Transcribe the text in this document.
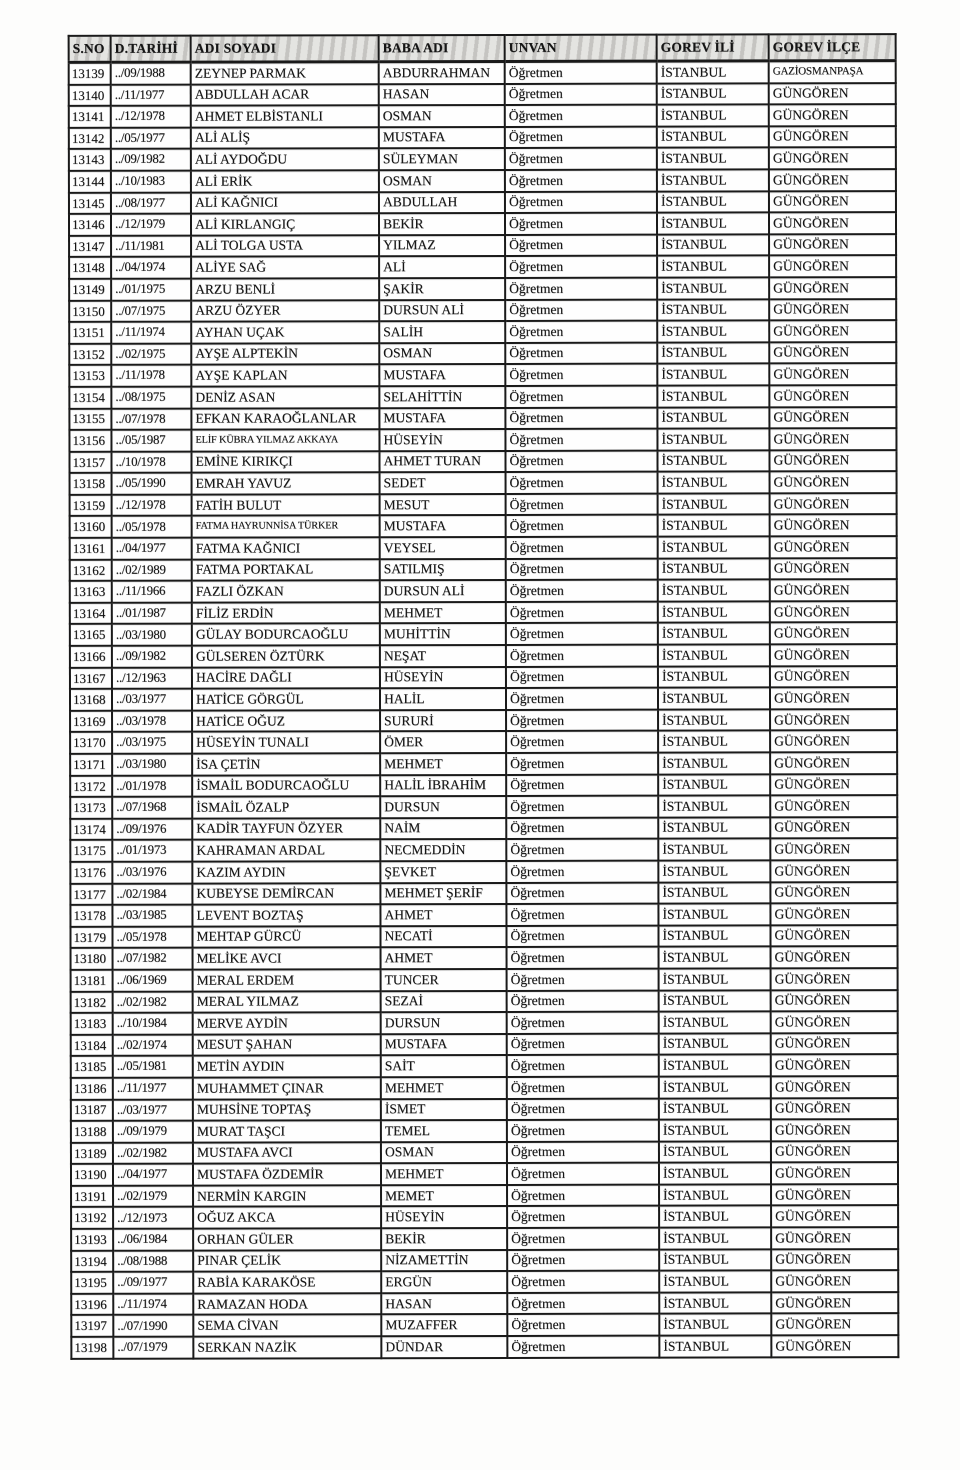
S.NO	D.TARİHİ	ADI SOYADI	BABA ADI	UNVAN	GOREV İLİ	GOREV İLÇE
13139	../09/1988	ZEYNEP PARMAK	ABDURRAHMAN	Öğretmen	İSTANBUL	GAZİOSMANPAŞA
13140	../11/1977	ABDULLAH ACAR	HASAN	Öğretmen	İSTANBUL	GÜNGÖREN
13141	../12/1978	AHMET ELBİSTANLI	OSMAN	Öğretmen	İSTANBUL	GÜNGÖREN
13142	../05/1977	ALİ ALİŞ	MUSTAFA	Öğretmen	İSTANBUL	GÜNGÖREN
13143	../09/1982	ALİ AYDOĞDU	SÜLEYMAN	Öğretmen	İSTANBUL	GÜNGÖREN
13144	../10/1983	ALİ ERİK	OSMAN	Öğretmen	İSTANBUL	GÜNGÖREN
13145	../08/1977	ALİ KAĞNICI	ABDULLAH	Öğretmen	İSTANBUL	GÜNGÖREN
13146	../12/1979	ALİ KIRLANGIÇ	BEKİR	Öğretmen	İSTANBUL	GÜNGÖREN
13147	../11/1981	ALİ TOLGA USTA	YILMAZ	Öğretmen	İSTANBUL	GÜNGÖREN
13148	../04/1974	ALİYE SAĞ	ALİ	Öğretmen	İSTANBUL	GÜNGÖREN
13149	../01/1975	ARZU BENLİ	ŞAKİR	Öğretmen	İSTANBUL	GÜNGÖREN
13150	../07/1975	ARZU ÖZYER	DURSUN ALİ	Öğretmen	İSTANBUL	GÜNGÖREN
13151	../11/1974	AYHAN UÇAK	SALİH	Öğretmen	İSTANBUL	GÜNGÖREN
13152	../02/1975	AYŞE ALPTEKİN	OSMAN	Öğretmen	İSTANBUL	GÜNGÖREN
13153	../11/1978	AYŞE KAPLAN	MUSTAFA	Öğretmen	İSTANBUL	GÜNGÖREN
13154	../08/1975	DENİZ ASAN	SELAHİTTİN	Öğretmen	İSTANBUL	GÜNGÖREN
13155	../07/1978	EFKAN KARAOĞLANLAR	MUSTAFA	Öğretmen	İSTANBUL	GÜNGÖREN
13156	../05/1987	ELİF KÜBRA YILMAZ AKKAYA	HÜSEYİN	Öğretmen	İSTANBUL	GÜNGÖREN
13157	../10/1978	EMİNE KIRIKÇI	AHMET TURAN	Öğretmen	İSTANBUL	GÜNGÖREN
13158	../05/1990	EMRAH YAVUZ	SEDET	Öğretmen	İSTANBUL	GÜNGÖREN
13159	../12/1978	FATİH BULUT	MESUT	Öğretmen	İSTANBUL	GÜNGÖREN
13160	../05/1978	FATMA HAYRUNNİSA TÜRKER	MUSTAFA	Öğretmen	İSTANBUL	GÜNGÖREN
13161	../04/1977	FATMA KAĞNICI	VEYSEL	Öğretmen	İSTANBUL	GÜNGÖREN
13162	../02/1989	FATMA PORTAKAL	SATILMIŞ	Öğretmen	İSTANBUL	GÜNGÖREN
13163	../11/1966	FAZLI ÖZKAN	DURSUN ALİ	Öğretmen	İSTANBUL	GÜNGÖREN
13164	../01/1987	FİLİZ ERDİN	MEHMET	Öğretmen	İSTANBUL	GÜNGÖREN
13165	../03/1980	GÜLAY BODURCAOĞLU	MUHİTTİN	Öğretmen	İSTANBUL	GÜNGÖREN
13166	../09/1982	GÜLSEREN ÖZTÜRK	NEŞAT	Öğretmen	İSTANBUL	GÜNGÖREN
13167	../12/1963	HACİRE DAĞLI	HÜSEYİN	Öğretmen	İSTANBUL	GÜNGÖREN
13168	../03/1977	HATİCE GÖRGÜL	HALİL	Öğretmen	İSTANBUL	GÜNGÖREN
13169	../03/1978	HATİCE OĞUZ	SURURİ	Öğretmen	İSTANBUL	GÜNGÖREN
13170	../03/1975	HÜSEYİN TUNALI	ÖMER	Öğretmen	İSTANBUL	GÜNGÖREN
13171	../03/1980	İSA ÇETİN	MEHMET	Öğretmen	İSTANBUL	GÜNGÖREN
13172	../01/1978	İSMAİL BODURCAOĞLU	HALİL İBRAHİM	Öğretmen	İSTANBUL	GÜNGÖREN
13173	../07/1968	İSMAİL ÖZALP	DURSUN	Öğretmen	İSTANBUL	GÜNGÖREN
13174	../09/1976	KADİR TAYFUN ÖZYER	NAİM	Öğretmen	İSTANBUL	GÜNGÖREN
13175	../01/1973	KAHRAMAN ARDAL	NECMEDDİN	Öğretmen	İSTANBUL	GÜNGÖREN
13176	../03/1976	KAZIM AYDIN	ŞEVKET	Öğretmen	İSTANBUL	GÜNGÖREN
13177	../02/1984	KUBEYSE DEMİRCAN	MEHMET ŞERİF	Öğretmen	İSTANBUL	GÜNGÖREN
13178	../03/1985	LEVENT BOZTAŞ	AHMET	Öğretmen	İSTANBUL	GÜNGÖREN
13179	../05/1978	MEHTAP GÜRCÜ	NECATİ	Öğretmen	İSTANBUL	GÜNGÖREN
13180	../07/1982	MELİKE AVCI	AHMET	Öğretmen	İSTANBUL	GÜNGÖREN
13181	../06/1969	MERAL ERDEM	TUNCER	Öğretmen	İSTANBUL	GÜNGÖREN
13182	../02/1982	MERAL YILMAZ	SEZAİ	Öğretmen	İSTANBUL	GÜNGÖREN
13183	../10/1984	MERVE AYDİN	DURSUN	Öğretmen	İSTANBUL	GÜNGÖREN
13184	../02/1974	MESUT ŞAHAN	MUSTAFA	Öğretmen	İSTANBUL	GÜNGÖREN
13185	../05/1981	METİN AYDIN	SAİT	Öğretmen	İSTANBUL	GÜNGÖREN
13186	../11/1977	MUHAMMET ÇINAR	MEHMET	Öğretmen	İSTANBUL	GÜNGÖREN
13187	../03/1977	MUHSİNE TOPTAŞ	İSMET	Öğretmen	İSTANBUL	GÜNGÖREN
13188	../09/1979	MURAT TAŞCI	TEMEL	Öğretmen	İSTANBUL	GÜNGÖREN
13189	../02/1982	MUSTAFA AVCI	OSMAN	Öğretmen	İSTANBUL	GÜNGÖREN
13190	../04/1977	MUSTAFA ÖZDEMİR	MEHMET	Öğretmen	İSTANBUL	GÜNGÖREN
13191	../02/1979	NERMİN KARGIN	MEMET	Öğretmen	İSTANBUL	GÜNGÖREN
13192	../12/1973	OĞUZ AKCA	HÜSEYİN	Öğretmen	İSTANBUL	GÜNGÖREN
13193	../06/1984	ORHAN GÜLER	BEKİR	Öğretmen	İSTANBUL	GÜNGÖREN
13194	../08/1988	PINAR ÇELİK	NİZAMETTİN	Öğretmen	İSTANBUL	GÜNGÖREN
13195	../09/1977	RABİA KARAKÖSE	ERGÜN	Öğretmen	İSTANBUL	GÜNGÖREN
13196	../11/1974	RAMAZAN HODA	HASAN	Öğretmen	İSTANBUL	GÜNGÖREN
13197	../07/1990	SEMA CİVAN	MUZAFFER	Öğretmen	İSTANBUL	GÜNGÖREN
13198	../07/1979	SERKAN NAZİK	DÜNDAR	Öğretmen	İSTANBUL	GÜNGÖREN
